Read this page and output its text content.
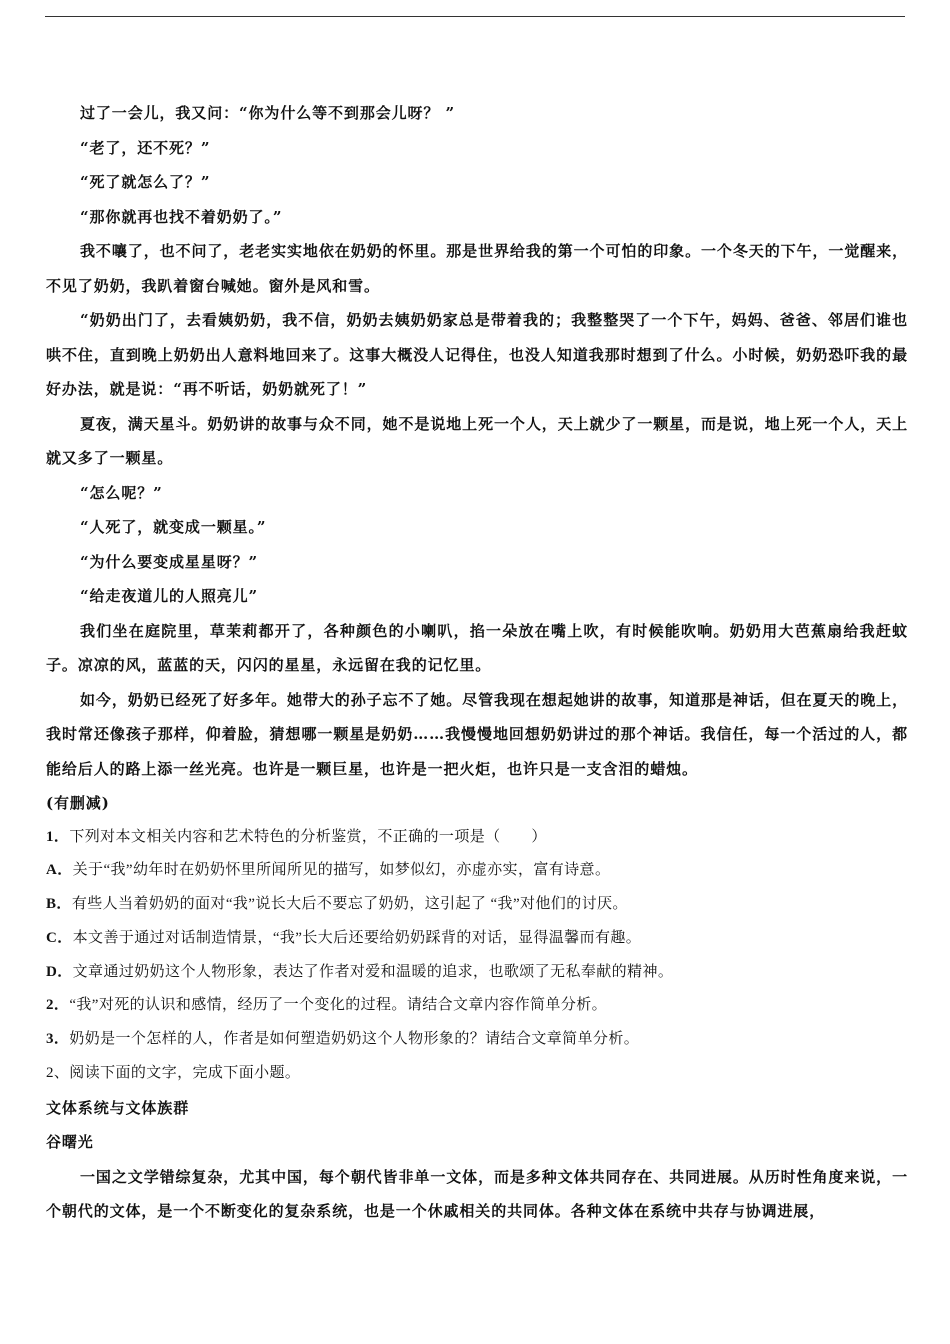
过了一会儿，我又问：“你为什么等不到那会儿呀？ ”

“老了，还不死？”

“死了就怎么了？”

“那你就再也找不着奶奶了。”

我不嚷了，也不问了，老老实实地依在奶奶的怀里。那是世界给我的第一个可怕的印象。一个冬天的下午，一觉醒来，不见了奶奶，我趴着窗台喊她。窗外是风和雪。

“奶奶出门了，去看姨奶奶，我不信，奶奶去姨奶奶家总是带着我的；我整整哭了一个下午，妈妈、爸爸、邻居们谁也哄不住，直到晚上奶奶出人意料地回来了。这事大概没人记得住，也没人知道我那时想到了什么。小时候，奶奶恐吓我的最好办法，就是说：“再不听话，奶奶就死了！”

夏夜，满天星斗。奶奶讲的故事与众不同，她不是说地上死一个人，天上就少了一颗星，而是说，地上死一个人，天上就又多了一颗星。

“怎么呢？”

“人死了，就变成一颗星。”

“为什么要变成星星呀？”

“给走夜道儿的人照亮儿”

我们坐在庭院里，草茉莉都开了，各种颜色的小喇叭，掐一朵放在嘴上吹，有时候能吹响。奶奶用大芭蕉扇给我赶蚊子。凉凉的风，蓝蓝的天，闪闪的星星，永远留在我的记忆里。

如今，奶奶已经死了好多年。她带大的孙子忘不了她。尽管我现在想起她讲的故事，知道那是神话，但在夏天的晚上，我时常还像孩子那样，仰着脸，猜想哪一颗星是奶奶……我慢慢地回想奶奶讲过的那个神话。我信任，每一个活过的人，都能给后人的路上添一丝光亮。也许是一颗巨星，也许是一把火炬，也许只是一支含泪的蜡烛。

(有删减)

1．下列对本文相关内容和艺术特色的分析鉴赏，不正确的一项是（　　）

A．关于“我”幼年时在奶奶怀里所闻所见的描写，如梦似幻，亦虚亦实，富有诗意。

B．有些人当着奶奶的面对“我”说长大后不要忘了奶奶，这引起了 “我”对他们的讨厌。

C．本文善于通过对话制造情景，“我”长大后还要给奶奶踩背的对话，显得温馨而有趣。

D．文章通过奶奶这个人物形象，表达了作者对爱和温暖的追求，也歌颂了无私奉献的精神。

2．“我”对死的认识和感情，经历了一个变化的过程。请结合文章内容作简单分析。

3．奶奶是一个怎样的人，作者是如何塑造奶奶这个人物形象的？请结合文章简单分析。

2、阅读下面的文字，完成下面小题。

文体系统与文体族群

谷曙光

一国之文学错综复杂，尤其中国，每个朝代皆非单一文体，而是多种文体共同存在、共同进展。从历时性角度来说，一个朝代的文体，是一个不断变化的复杂系统，也是一个休戚相关的共同体。各种文体在系统中共存与协调进展，
